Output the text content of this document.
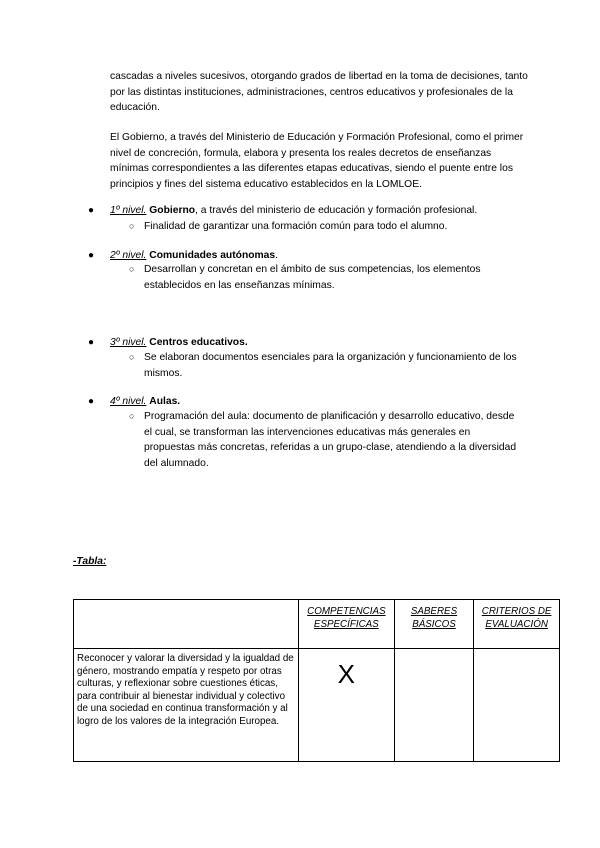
cascadas a niveles sucesivos, otorgando grados de libertad en la toma de decisiones, tanto por las distintas instituciones, administraciones, centros educativos y profesionales de la educación.
El Gobierno, a través del Ministerio de Educación y Formación Profesional, como el primer nivel de concreción, formula, elabora y presenta los reales decretos de enseñanzas mínimas correspondientes a las diferentes etapas educativas, siendo el puente entre los principios y fines del sistema educativo establecidos en la LOMLOE.
● 1º nivel. Gobierno, a través del ministerio de educación y formación profesional.
○ Finalidad de garantizar una formación común para todo el alumno.
● 2º nivel. Comunidades autónomas.
○ Desarrollan y concretan en el ámbito de sus competencias, los elementos establecidos en las enseñanzas mínimas.
● 3º nivel. Centros educativos.
○ Se elaboran documentos esenciales para la organización y funcionamiento de los mismos.
● 4º nivel. Aulas.
○ Programación del aula: documento de planificación y desarrollo educativo, desde el cual, se transforman las intervenciones educativas más generales en propuestas más concretas, referidas a un grupo-clase, atendiendo a la diversidad del alumnado.
-Tabla:
	COMPETENCIAS ESPECÍFICAS	SABERES BÁSICOS	CRITERIOS DE EVALUACIÓN
Reconocer y valorar la diversidad y la igualdad de género, mostrando empatía y respeto por otras culturas, y reflexionar sobre cuestiones éticas, para contribuir al bienestar individual y colectivo de una sociedad en continua transformación y al logro de los valores de la integración Europea.	X		
